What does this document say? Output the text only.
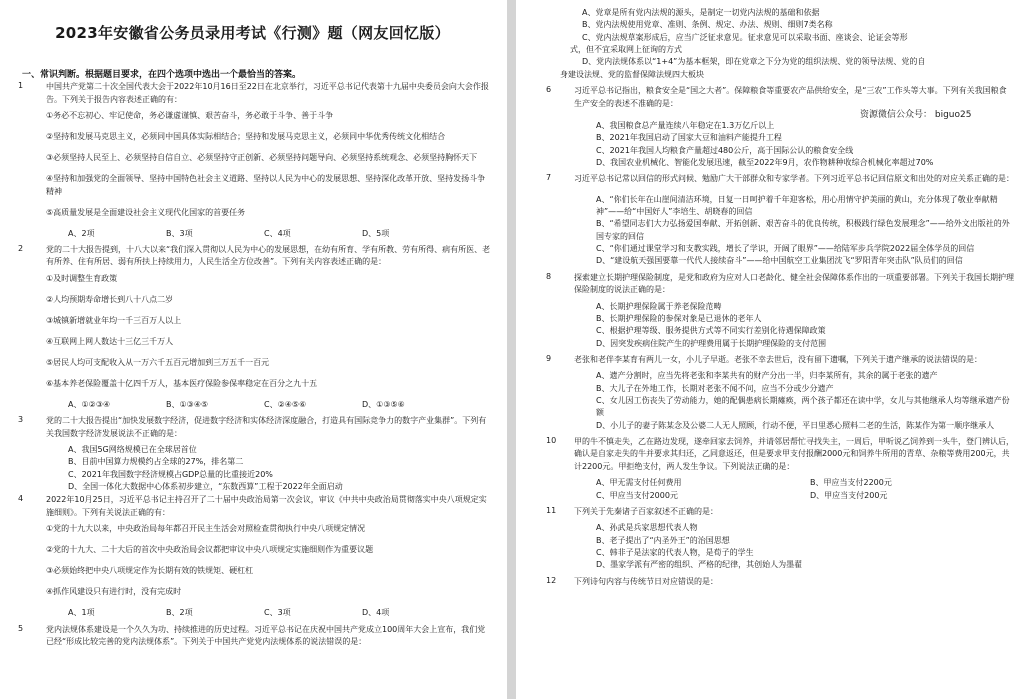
2023年安徽省公务员录用考试《行测》题（网友回忆版）
一、常识判断。根据题目要求，在四个选项中选出一个最恰当的答案。
1	中国共产党第二十次全国代表大会于2022年10月16日至22日在北京举行，习近平总书记代表第十九届中央委员会向大会作报告。下列关于报告内容表述正确的有：

①务必不忘初心、牢记使命，务必谦虚谨慎、艰苦奋斗，务必敢于斗争、善于斗争

②坚持和发展马克思主义，必须同中国具体实际相结合；坚持和发展马克思主义，必须同中华优秀传统文化相结合

③必须坚持人民至上、必须坚持自信自立、必须坚持守正创新、必须坚持问题导向、必须坚持系统观念、必须坚持胸怀天下

④坚持和加强党的全面领导、坚持中国特色社会主义道路、坚持以人民为中心的发展思想、坚持深化改革开放、坚持发扬斗争精神

⑤高质量发展是全面建设社会主义现代化国家的首要任务

A、2项	B、3项	C、4项	D、5项
2	党的二十大报告提到，十八大以来“我们深入贯彻以人民为中心的发展思想，在幼有所育、学有所教、劳有所得、病有所医、老有所养、住有所居、弱有所扶上持续用力，人民生活全方位改善”。下列有关内容表述正确的是：

①及时调整生育政策

②人均预期寿命增长到八十八点二岁

③城镇新增就业年均一千三百万人以上

④互联网上网人数达十三亿三千万人

⑤居民人均可支配收入从一万六千五百元增加到三万五千一百元

⑥基本养老保险覆盖十亿四千万人，基本医疗保险参保率稳定在百分之九十五

A、①②③④	B、①③④⑤	C、②④⑤⑥	D、①③⑤⑥
3	党的二十大报告提出“加快发展数字经济，促进数字经济和实体经济深度融合，打造具有国际竞争力的数字产业集群”。下列有关我国数字经济发展说法不正确的是：

A、我国5G网络规模已在全球居首位

B、目前中国算力规模约占全球的27%，排名第二

C、2021年我国数字经济规模占GDP总量的比重接近20%

D、全国一体化大数据中心体系初步建立，“东数西算”工程于2022年全面启动

4	2022年10月25日，习近平总书记主持召开了二十届中央政治局第一次会议，审议《中共中央政治局贯彻落实中央八项规定实施细则》。下列有关说法正确的有：

①党的十九大以来，中央政治局每年都召开民主生活会对照检查贯彻执行中央八项规定情况

②党的十九大、二十大后的首次中央政治局会议都把审议中央八项规定实施细则作为重要议题

③必须始终把中央八项规定作为长期有效的铁规矩、硬杠杠

④抓作风建设只有进行时，没有完成时

A、1项	B、2项	C、3项	D、4项
5	党内法规体系建设是一个久久为功、持续推进的历史过程。习近平总书记在庆祝中国共产党成立100周年大会上宣布，我们党已经“形成比较完善的党内法规体系”。下列关于中国共产党党内法规体系的说法错误的是：

A、党章是所有党内法规的源头，是制定一切党内法规的基础和依据

B、党内法规使用党章、准则、条例、规定、办法、规则、细则7类名称

C、党内法规草案形成后，应当广泛征求意见。征求意见可以采取书面、座谈会、论证会等形

式，但不宜采取网上征询的方式

D、党内法规体系以“1+4”为基本框架，即在党章之下分为党的组织法规、党的领导法规、党的自

身建设法规、党的监督保障法规四大板块

6	习近平总书记指出，粮食安全是“国之大者”。保障粮食等重要农产品供给安全，是“三农”工作头等大事。下列有关我国粮食生产安全的表述不准确的是：

A、我国粮食总产量连续八年稳定在1.3万亿斤以上

B、2021年我国启动了国家大豆和油料产能提升工程

C、2021年我国人均粮食产量超过480公斤，高于国际公认的粮食安全线

D、我国农业机械化、智能化发展迅速，截至2022年9月，农作物耕种收综合机械化率超过70%

资源微信公众号： biguo25
7	习近平总书记常以回信的形式问候、勉励广大干部群众和专家学者。下列习近平总书记回信原文和出处的对应关系正确的是：

A、“你们长年在山崖间清洁环境，日复一日呵护着千年迎客松，用心用情守护美丽的黄山，充分体现了敬业奉献精神”——给“中国好人”李培生、胡晓春的回信

B、“希望同志们大力弘扬爱国奉献、开拓创新、艰苦奋斗的优良传统，积极践行绿色发展理念”——给外文出版社的外国专家的回信

C、“你们通过课堂学习和支教实践，增长了学识，开阔了眼界”——给陆军步兵学院2022届全体学员的回信

D、“建设航天强国要靠一代代人接续奋斗”——给中国航空工业集团沈飞“罗阳青年突击队”队员们的回信

8	探索建立长期护理保险制度，是党和政府为应对人口老龄化、健全社会保障体系作出的一项重要部署。下列关于我国长期护理保险制度的说法正确的是：

A、长期护理保险属于养老保险范畴

B、长期护理保险的参保对象是已退休的老年人

C、根据护理等级、服务提供方式等不同实行差别化待遇保障政策

D、因突发疾病住院产生的护理费用属于长期护理保险的支付范围

9	老张和老伴李某育有两儿一女，小儿子早逝。老张不幸去世后，没有留下遗嘱，下列关于遗产继承的说法错误的是：

A、遗产分割时，应当先将老张和李某共有的财产分出一半，归李某所有，其余的属于老张的遗产

B、大儿子在外地工作，长期对老张不闻不问，应当不分或少分遗产

C、女儿因工伤丧失了劳动能力，她的配偶患病长期瘫痪，两个孩子都还在读中学，女儿与其他继承人均等继承遗产份额

D、小儿子的妻子陈某念及公婆二人无人照顾，行动不便，平日里悉心照料二老的生活，陈某作为第一顺序继承人

10	甲的牛不慎走失，乙在路边发现，遂牵回家去饲养，并请邻居帮忙寻找失主，一周后，甲听说乙饲养到一头牛，登门辨认后，确认是自家走失的牛并要求其归还，乙同意返还，但是要求甲支付报酬2000元和饲养牛所用的青草、杂粮等费用200元，共计2200元。甲拒绝支付，两人发生争议。下列说法正确的是：

A、甲无需支付任何费用	B、甲应当支付2200元
C、甲应当支付2000元	D、甲应当支付200元
11	下列关于先秦诸子百家叙述不正确的是：

A、孙武是兵家思想代表人物

B、老子提出了“内圣外王”的治国思想

C、韩非子是法家的代表人物，是荀子的学生

D、墨家学派有严密的组织、严格的纪律，其创始人为墨翟

12	下列诗句内容与传统节日对应错误的是：
